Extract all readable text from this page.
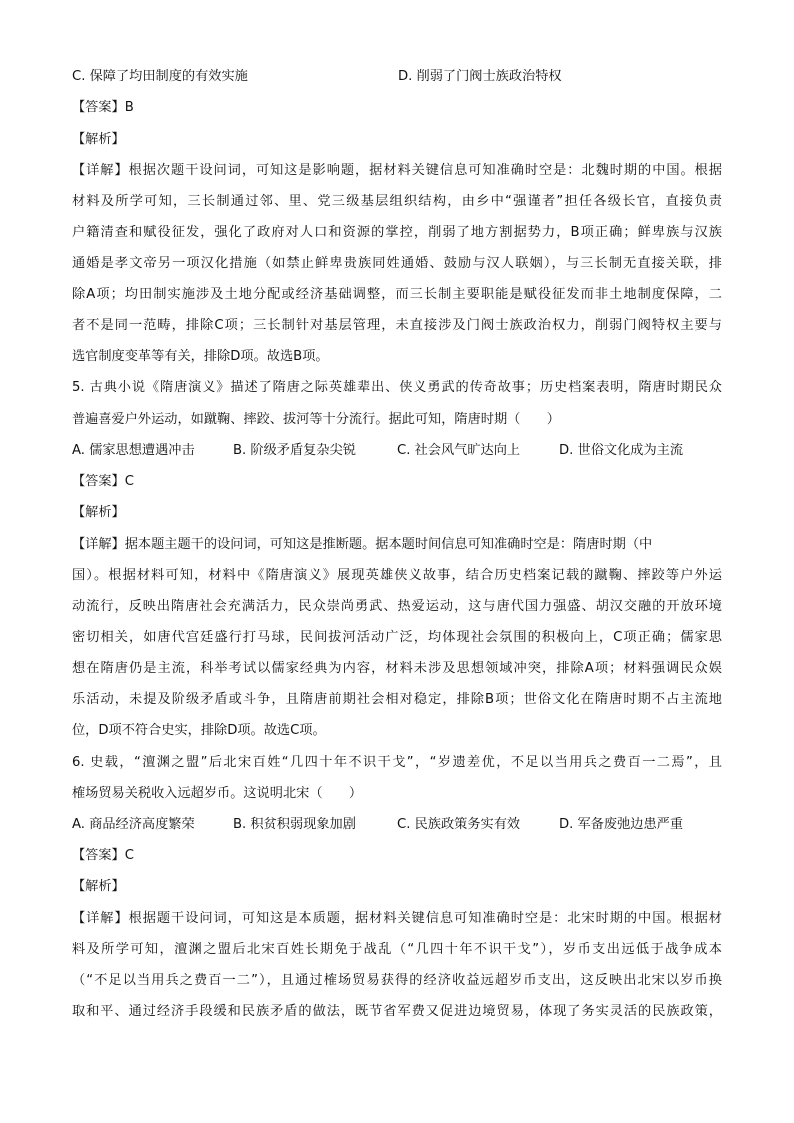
C. 保障了均田制度的有效实施	D. 削弱了门阀士族政治特权
【答案】B
【解析】
【详解】根据次题干设问词，可知这是影响题，据材料关键信息可知准确时空是：北魏时期的中国。根据
材料及所学可知，三长制通过邻、里、党三级基层组织结构，由乡中“强谨者”担任各级长官，直接负责
户籍清查和赋役征发，强化了政府对人口和资源的掌控，削弱了地方割据势力，B项正确；鲜卑族与汉族
通婚是孝文帝另一项汉化措施（如禁止鲜卑贵族同姓通婚、鼓励与汉人联姻），与三长制无直接关联，排
除A项；均田制实施涉及土地分配或经济基础调整，而三长制主要职能是赋役征发而非土地制度保障，二
者不是同一范畴，排除C项；三长制针对基层管理，未直接涉及门阀士族政治权力，削弱门阀特权主要与
选官制度变革等有关，排除D项。故选B项。
5. 古典小说《隋唐演义》描述了隋唐之际英雄辈出、侠义勇武的传奇故事；历史档案表明，隋唐时期民众
普遍喜爱户外运动，如蹴鞠、摔跤、拔河等十分流行。据此可知，隋唐时期（　　）
A. 儒家思想遭遇冲击	B. 阶级矛盾复杂尖锐	C. 社会风气旷达向上	D. 世俗文化成为主流
【答案】C
【解析】
【详解】据本题主题干的设问词，可知这是推断题。据本题时间信息可知准确时空是：隋唐时期（中
国）。根据材料可知，材料中《隋唐演义》展现英雄侠义故事，结合历史档案记载的蹴鞠、摔跤等户外运
动流行，反映出隋唐社会充满活力，民众崇尚勇武、热爱运动，这与唐代国力强盛、胡汉交融的开放环境
密切相关，如唐代宫廷盛行打马球，民间拔河活动广泛，均体现社会氛围的积极向上，C项正确；儒家思
想在隋唐仍是主流，科举考试以儒家经典为内容，材料未涉及思想领域冲突，排除A项；材料强调民众娱
乐活动，未提及阶级矛盾或斗争，且隋唐前期社会相对稳定，排除B项；世俗文化在隋唐时期不占主流地
位，D项不符合史实，排除D项。故选C项。
6. 史载，“澶渊之盟”后北宋百姓“几四十年不识干戈”，“岁遗差优，不足以当用兵之费百一二焉”，且
榷场贸易关税收入远超岁币。这说明北宋（　　）
A. 商品经济高度繁荣	B. 积贫积弱现象加剧	C. 民族政策务实有效	D. 军备废弛边患严重
【答案】C
【解析】
【详解】根据题干设问词，可知这是本质题，据材料关键信息可知准确时空是：北宋时期的中国。根据材
料及所学可知，澶渊之盟后北宋百姓长期免于战乱（“几四十年不识干戈”），岁币支出远低于战争成本
（“不足以当用兵之费百一二”），且通过榷场贸易获得的经济收益远超岁币支出，这反映出北宋以岁币换
取和平、通过经济手段缓和民族矛盾的做法，既节省军费又促进边境贸易，体现了务实灵活的民族政策，
